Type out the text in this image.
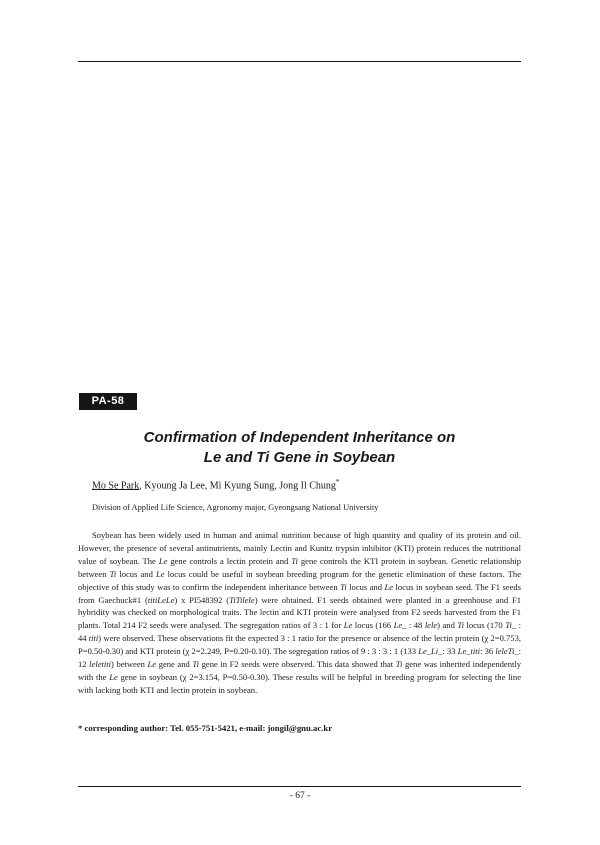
PA-58
Confirmation of Independent Inheritance on
Le and Ti Gene in Soybean
Mo Se Park, Kyoung Ja Lee, Mi Kyung Sung, Jong Il Chung*
Division of Applied Life Science, Agronomy major, Gyeongsang National University
Soybean has been widely used in human and animal nutrition because of high quantity and quality of its protein and oil. However, the presence of several antinutrients, mainly Lectin and Kunitz trypsin inhibitor (KTI) protein reduces the nutritional value of soybean. The Le gene controls a lectin protein and Ti gene controls the KTI protein in soybean. Genetic relationship between Ti locus and Le locus could be useful in soybean breeding program for the genetic elimination of these factors. The objective of this study was to confirm the independent inheritance between Ti locus and Le locus in soybean seed. The F1 seeds from Gaechuck#1 (titiLeLe) x PI548392 (TiTilele) were obtained. F1 seeds obtained were planted in a greenhouse and F1 hybridity was checked on morphological traits. The lectin and KTI protein were analysed from F2 seeds harvested from the F1 plants. Total 214 F2 seeds were analysed. The segregation ratios of 3 : 1 for Le locus (166 Le_ : 48 lele) and Ti locus (170 Ti_ : 44 titi) were observed. These observations fit the expected 3 : 1 ratio for the presence or absence of the lectin protein (χ 2=0.753, P=0.50-0.30) and KTI protein (χ 2=2.249, P=0.20-0.10). The segregation ratios of 9 : 3 : 3 : 1 (133 Le_Li_: 33 Le_titi: 36 leleTi_: 12 leletiti) between Le gene and Ti gene in F2 seeds were observed. This data showed that Ti gene was inherited independently with the Le gene in soybean (χ 2=3.154, P=0.50-0.30). These results will be helpful in breeding program for selecting the line with lacking both KTI and lectin protein in soybean.
* corresponding author: Tel. 055-751-5421, e-mail: jongil@gnu.ac.kr
- 67 -
